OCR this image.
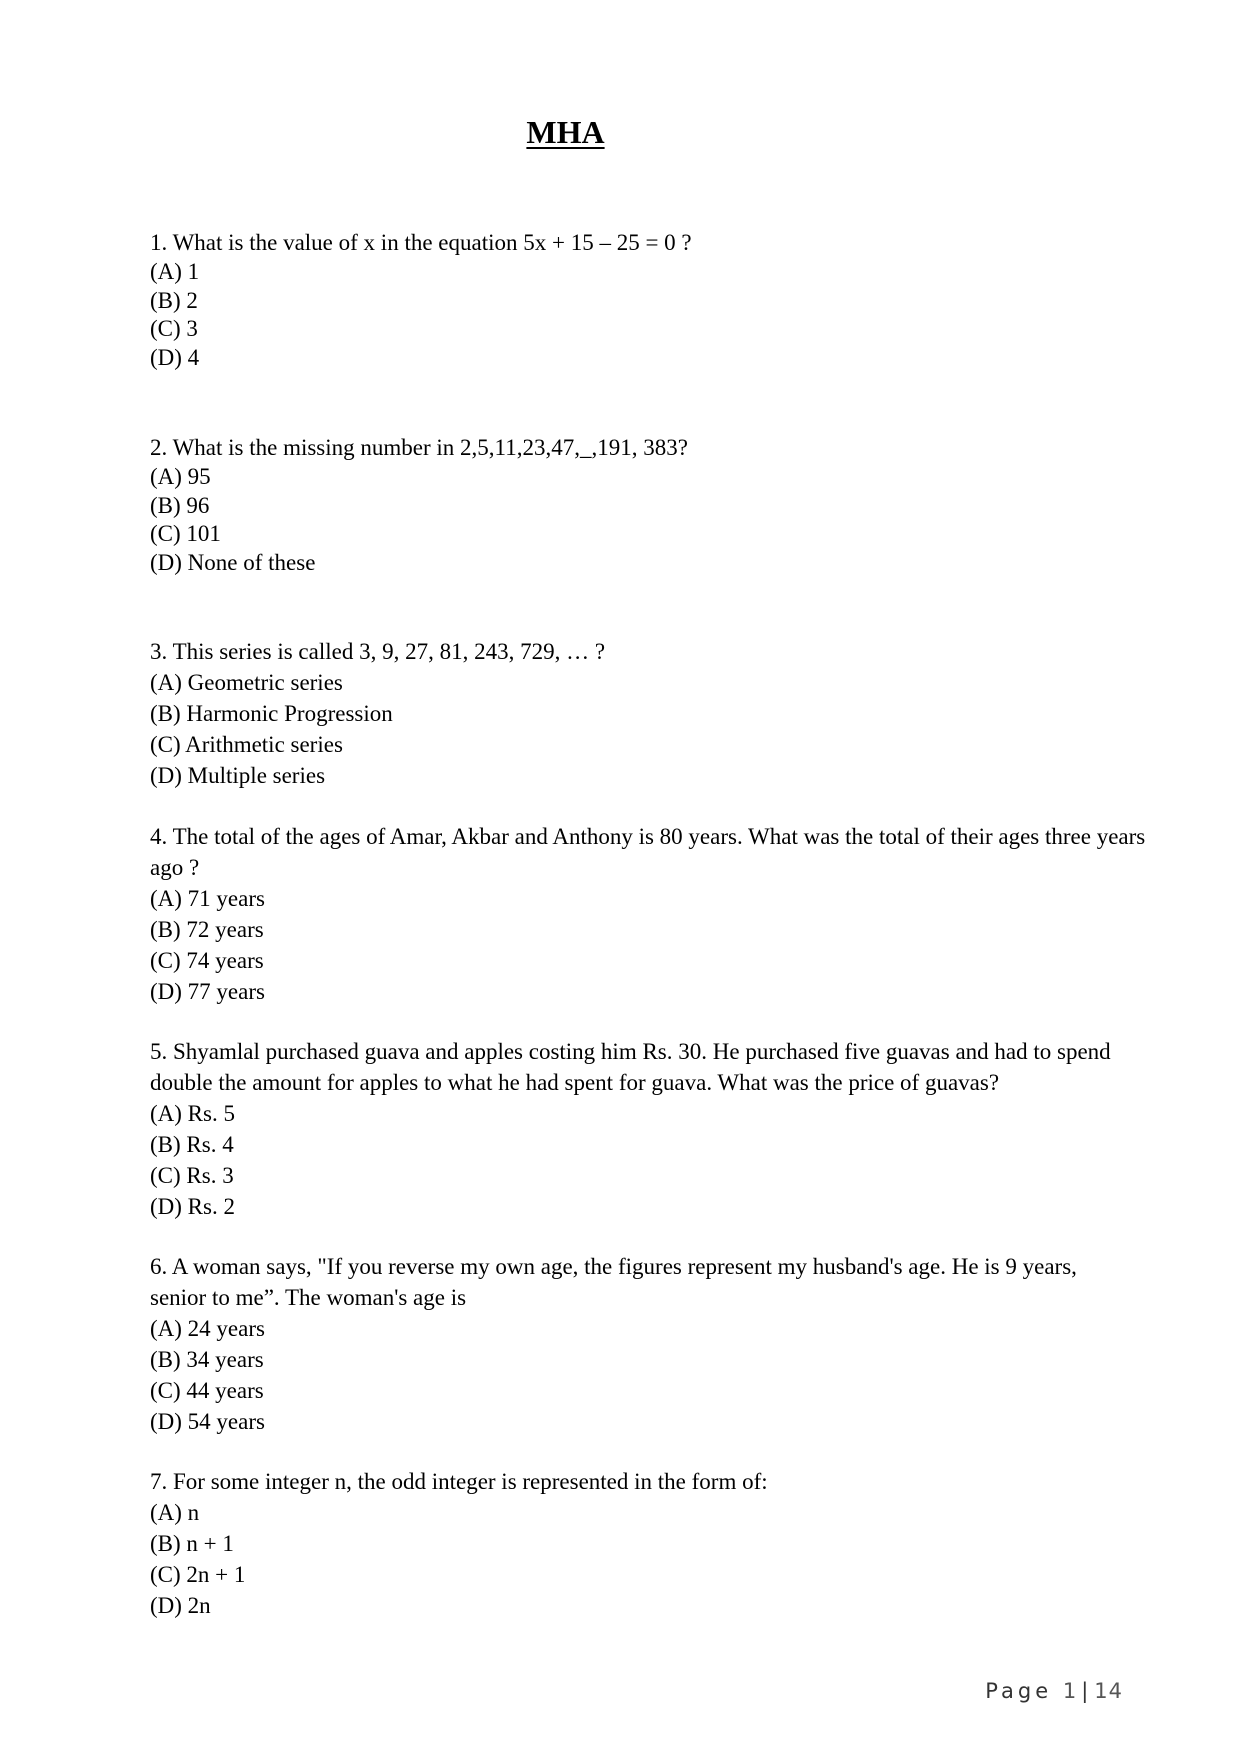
MHA
1. What is the value of x in the equation 5x + 15 – 25 = 0 ?
(A) 1
(B) 2
(C) 3
(D) 4
2. What is the missing number in 2,5,11,23,47,_,191, 383?
(A) 95
(B) 96
(C) 101
(D) None of these
3. This series is called 3, 9, 27, 81, 243, 729, … ?
(A) Geometric series
(B) Harmonic Progression
(C) Arithmetic series
(D) Multiple series
4. The total of the ages of Amar, Akbar and Anthony is 80 years. What was the total of their ages three years ago ?
(A) 71 years
(B) 72 years
(C) 74 years
(D) 77 years
5. Shyamlal purchased guava and apples costing him Rs. 30. He purchased five guavas and had to spend double the amount for apples to what he had spent for guava. What was the price of guavas?
(A) Rs. 5
(B) Rs. 4
(C) Rs. 3
(D) Rs. 2
6. A woman says, "If you reverse my own age, the figures represent my husband's age. He is 9 years, senior to me”. The woman's age is
(A) 24 years
(B) 34 years
(C) 44 years
(D) 54 years
7. For some integer n, the odd integer is represented in the form of:
(A) n
(B) n + 1
(C) 2n + 1
(D) 2n
Page 1 | 14
